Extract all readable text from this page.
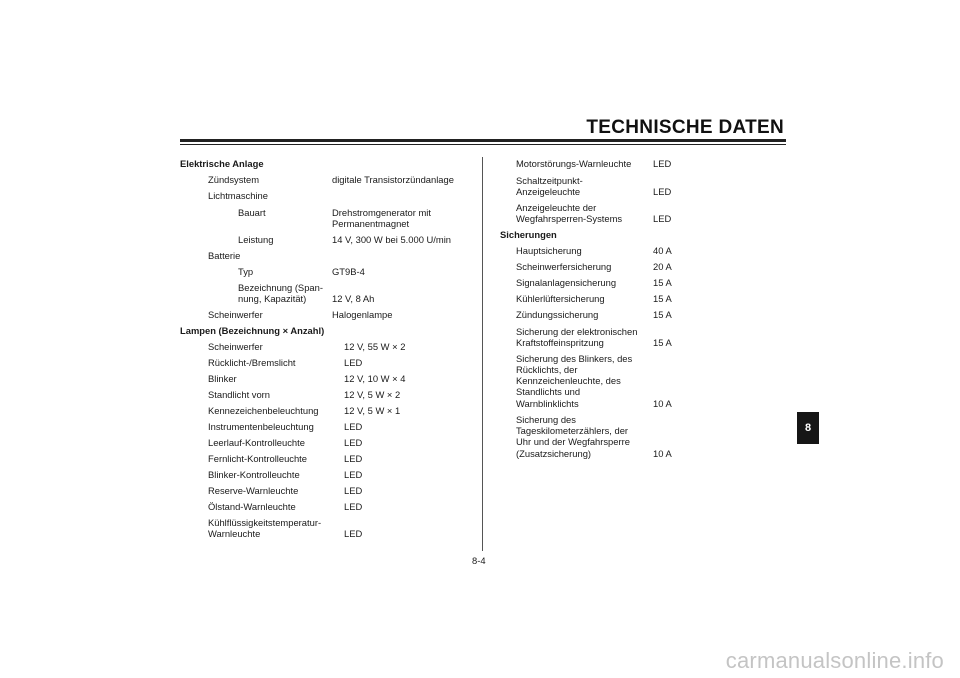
TECHNISCHE DATEN
Elektrische Anlage
Zündsystem	digitale Transistorzündanlage
Lichtmaschine
Bauart	Drehstromgenerator mit
Permanentmagnet
Leistung	14 V, 300 W bei 5.000 U/min
Batterie
Typ	GT9B-4
Bezeichnung (Span-
nung, Kapazität)	12 V, 8 Ah
Scheinwerfer	Halogenlampe
Lampen (Bezeichnung × Anzahl)
Scheinwerfer	12 V, 55 W × 2
Rücklicht-/Bremslicht	LED
Blinker	12 V, 10 W × 4
Standlicht vorn	12 V, 5 W × 2
Kennezeichenbeleuchtung	12 V, 5 W × 1
Instrumentenbeleuchtung	LED
Leerlauf-Kontrolleuchte	LED
Fernlicht-Kontrolleuchte	LED
Blinker-Kontrolleuchte	LED
Reserve-Warnleuchte	LED
Ölstand-Warnleuchte	LED
Kühlflüssigkeitstemperatur-
Warnleuchte	LED
Motorstörungs-Warnleuchte LED
Schaltzeitpunkt-
Anzeigeleuchte	LED
Anzeigeleuchte der
Wegfahrsperren-Systems	LED
Sicherungen
Hauptsicherung	40 A
Scheinwerfersicherung	20 A
Signalanlagensicherung	15 A
Kühlerlüftersicherung	15 A
Zündungssicherung	15 A
Sicherung der elektronischen
Kraftstoffeinspritzung	15 A
Sicherung des Blinkers, des
Rücklichts, der
Kennzeichenleuchte, des
Standlichts und
Warnblinklichts	10 A
Sicherung des
Tageskilometerzählers, der
Uhr und der Wegfahrsperre
(Zusatzsicherung)	10 A
8-4
8
carmanualsonline.info
